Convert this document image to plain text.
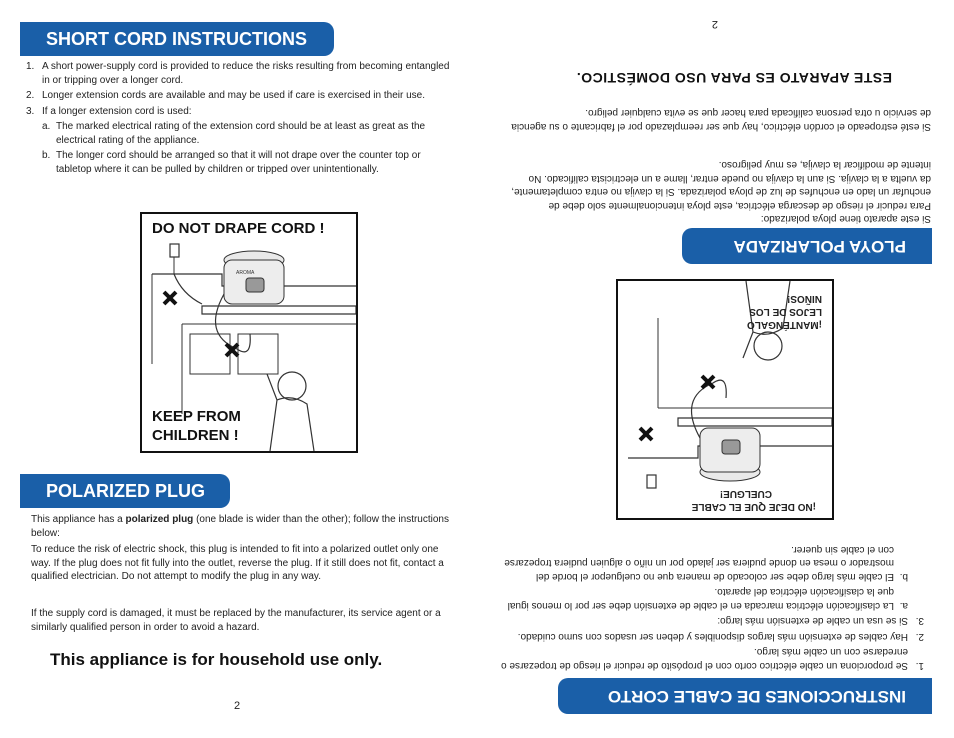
SHORT CORD INSTRUCTIONS
1. A short power-supply cord is provided to reduce the risks resulting from becoming entangled in or tripping over a longer cord.
2. Longer extension cords are available and may be used if care is exercised in their use.
3. If a longer extension cord is used:
a. The marked electrical rating of the extension cord should be at least as great as the electrical rating of the appliance.
b. The longer cord should be arranged so that it will not drape over the counter top or tabletop where it can be pulled by children or tripped over unintentionally.
DO NOT DRAPE CORD !
AROMA
KEEP FROM
CHILDREN !
POLARIZED PLUG
This appliance has a polarized plug (one blade is wider than the other); follow the instructions below:
To reduce the risk of electric shock, this plug is intended to fit into a polarized outlet only one way. If the plug does not fit fully into the outlet, reverse the plug. If it still does not fit, contact a qualified electrician. Do not attempt to modify the plug in any way.
If the supply cord is damaged, it must be replaced by the manufacturer, its service agent or a similarly qualified person in order to avoid a hazard.
This appliance is for household use only.
2	INSTRUCCIONES DE CABLE CORTO
1.
Se proporciona un cable eléctrico corto con el propósito de reducir el riesgo de tropezarse o enredarse con un cable más largo.
2.
Hay cables de extensión más largos disponibles y deben ser usados con sumo cuidado.
3.
Si se usa un cable de extensión más largo:
a.
La clasificación eléctrica marcada en el cable de extensión debe ser por lo menos igual que la clasificación eléctrica del aparato.
b.
El cable más largo debe ser colocado de manera que no cuelguepor el borde del mostrador o mesa en donde pudiera ser jalado por un niño o alguien pudiera tropezarse con el cable sin querer.
¡NO DEJE QUE EL CABLE
CUELGUE!
¡MANTÉNGALO
LEJOS DE LOS
NIÑOS!
PLOYA POLARIZADA
Si este aparato tiene ploya polarizado:
Para reducir el riesgo de descarga eléctrica, este ploya intencionalmente solo debe de enchufar un lado en enchufes de luz de ploya polarizada. Si la clavija no entra completamente, da vuelta a la clavija. Si aun la clavija no puede entrar, llame a un electricista calificado. No intente de modificar la clavija, es muy peligroso.
Si esté estropeado el cordón eléctrico, hay que ser reemplazado por el fabricante o su agencia de servicio u otra persona calificada para hacer que se evita cualquier peligro.
ESTE APARATO ES PARA USO DOMÉSTICO.
2
